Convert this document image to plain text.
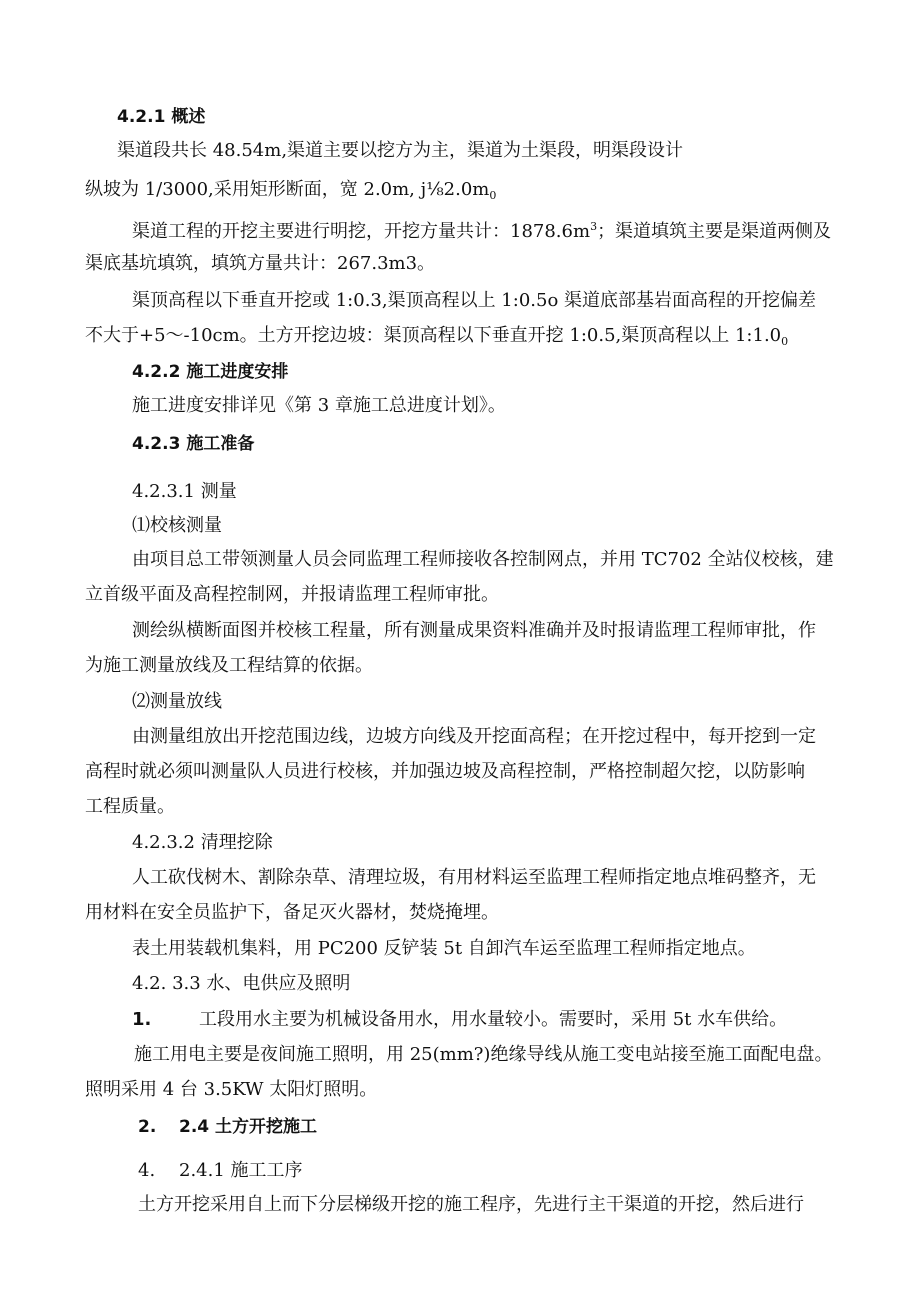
4.2.1 概述
渠道段共长 48.54m,渠道主要以挖方为主，渠道为土渠段，明渠段设计
纵坡为 1/3000,采用矩形断面，宽 2.0m, $j\frac{1}{8}2.0m_0$
渠道工程的开挖主要进行明挖，开挖方量共计：$1878.6m^3$；渠道填筑主要是渠道两侧及
渠底基坑填筑，填筑方量共计：267.3m3。
渠顶高程以下垂直开挖或 1:0.3,渠顶高程以上 1:0.5o 渠道底部基岩面高程的开挖偏差
不大于+5～-10cm。土方开挖边坡：渠顶高程以下垂直开挖 1:0.5,渠顶高程以上 $1:1.0_0$
4.2.2 施工进度安排
施工进度安排详见《第 3 章施工总进度计划》。
4.2.3 施工准备
4.2.3.1 测量
⑴校核测量
由项目总工带领测量人员会同监理工程师接收各控制网点，并用 TC702 全站仪校核，建
立首级平面及高程控制网，并报请监理工程师审批。
测绘纵横断面图并校核工程量，所有测量成果资料准确并及时报请监理工程师审批，作
为施工测量放线及工程结算的依据。
⑵测量放线
由测量组放出开挖范围边线，边坡方向线及开挖面高程；在开挖过程中，每开挖到一定
高程时就必须叫测量队人员进行校核，并加强边坡及高程控制，严格控制超欠挖，以防影响
工程质量。
4.2.3.2 清理挖除
人工砍伐树木、割除杂草、清理垃圾，有用材料运至监理工程师指定地点堆码整齐，无
用材料在安全员监护下，备足灭火器材，焚烧掩埋。
表土用装载机集料，用 PC200 反铲装 5t 自卸汽车运至监理工程师指定地点。
4.2. 3.3 水、电供应及照明
1.	工段用水主要为机械设备用水，用水量较小。需要时，采用 5t 水车供给。
施工用电主要是夜间施工照明，用 25(mm?)绝缘导线从施工变电站接至施工面配电盘。
照明采用 4 台 3.5KW 太阳灯照明。
2. 2.4 土方开挖施工
4. 2.4.1 施工工序
土方开挖采用自上而下分层梯级开挖的施工程序，先进行主干渠道的开挖，然后进行
